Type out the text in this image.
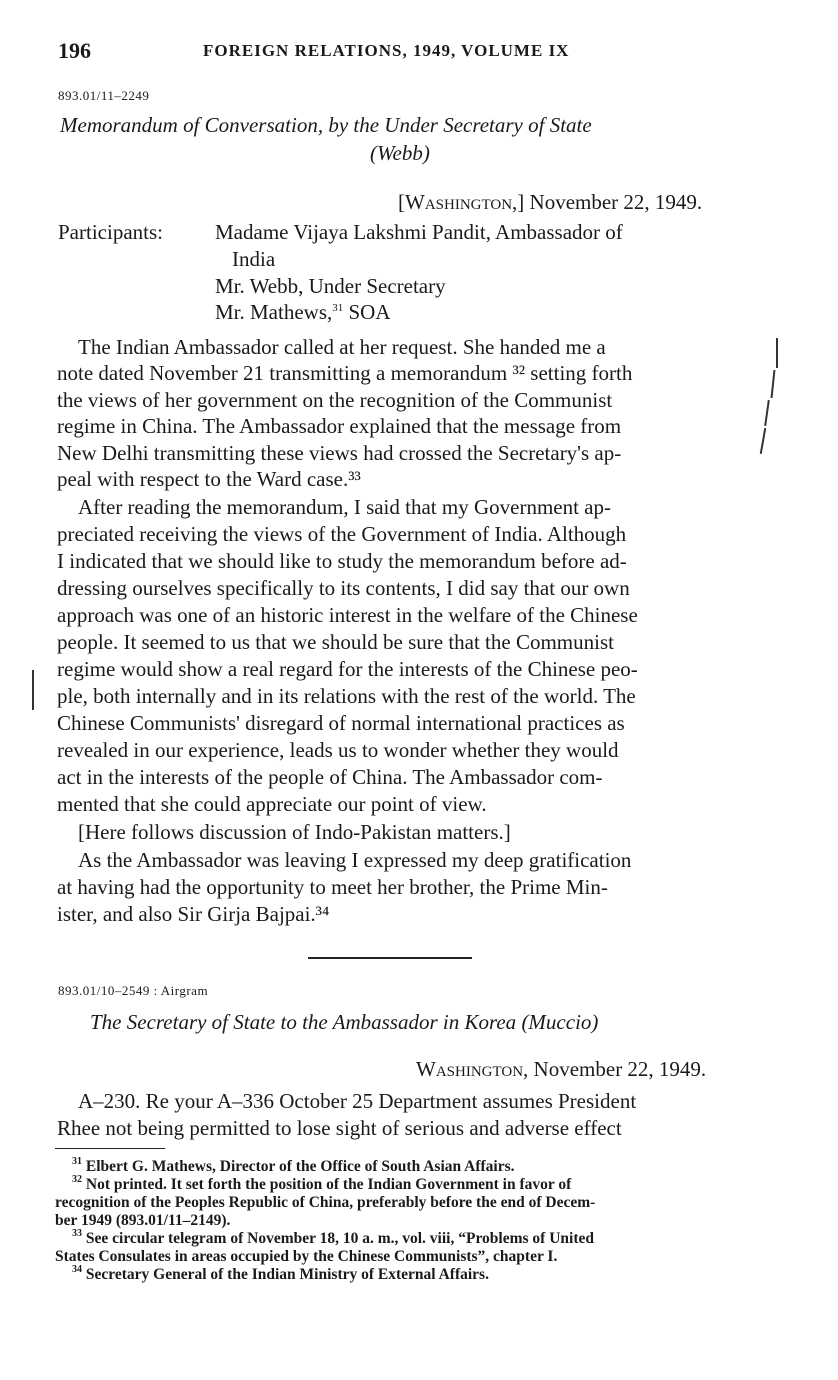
196	FOREIGN RELATIONS, 1949, VOLUME IX
893.01/11–2249
Memorandum of Conversation, by the Under Secretary of State
(Webb)
[Washington,] November 22, 1949.
Participants: Madame Vijaya Lakshmi Pandit, Ambassador of
India
Mr. Webb, Under Secretary
Mr. Mathews,$^{31}$ SOA
The Indian Ambassador called at her request. She handed me a
note dated November 21 transmitting a memorandum ³² setting forth
the views of her government on the recognition of the Communist
regime in China. The Ambassador explained that the message from
New Delhi transmitting these views had crossed the Secretary's ap-
peal with respect to the Ward case.³³
After reading the memorandum, I said that my Government ap-
preciated receiving the views of the Government of India. Although
I indicated that we should like to study the memorandum before ad-
dressing ourselves specifically to its contents, I did say that our own
approach was one of an historic interest in the welfare of the Chinese
people. It seemed to us that we should be sure that the Communist
regime would show a real regard for the interests of the Chinese peo-
ple, both internally and in its relations with the rest of the world. The
Chinese Communists' disregard of normal international practices as
revealed in our experience, leads us to wonder whether they would
act in the interests of the people of China. The Ambassador com-
mented that she could appreciate our point of view.
[Here follows discussion of Indo-Pakistan matters.]
As the Ambassador was leaving I expressed my deep gratification
at having had the opportunity to meet her brother, the Prime Min-
ister, and also Sir Girja Bajpai.³⁴
893.01/10–2549 : Airgram
The Secretary of State to the Ambassador in Korea (Muccio)
Washington, November 22, 1949.
A–230. Re your A–336 October 25 Department assumes President
Rhee not being permitted to lose sight of serious and adverse effect
$^{31}$ Elbert G. Mathews, Director of the Office of South Asian Affairs.
$^{32}$ Not printed. It set forth the position of the Indian Government in favor of
recognition of the Peoples Republic of China, preferably before the end of Decem-
ber 1949 (893.01/11–2149).
$^{33}$ See circular telegram of November 18, 10 a. m., vol. viii, “Problems of United
States Consulates in areas occupied by the Chinese Communists”, chapter I.
$^{34}$ Secretary General of the Indian Ministry of External Affairs.
